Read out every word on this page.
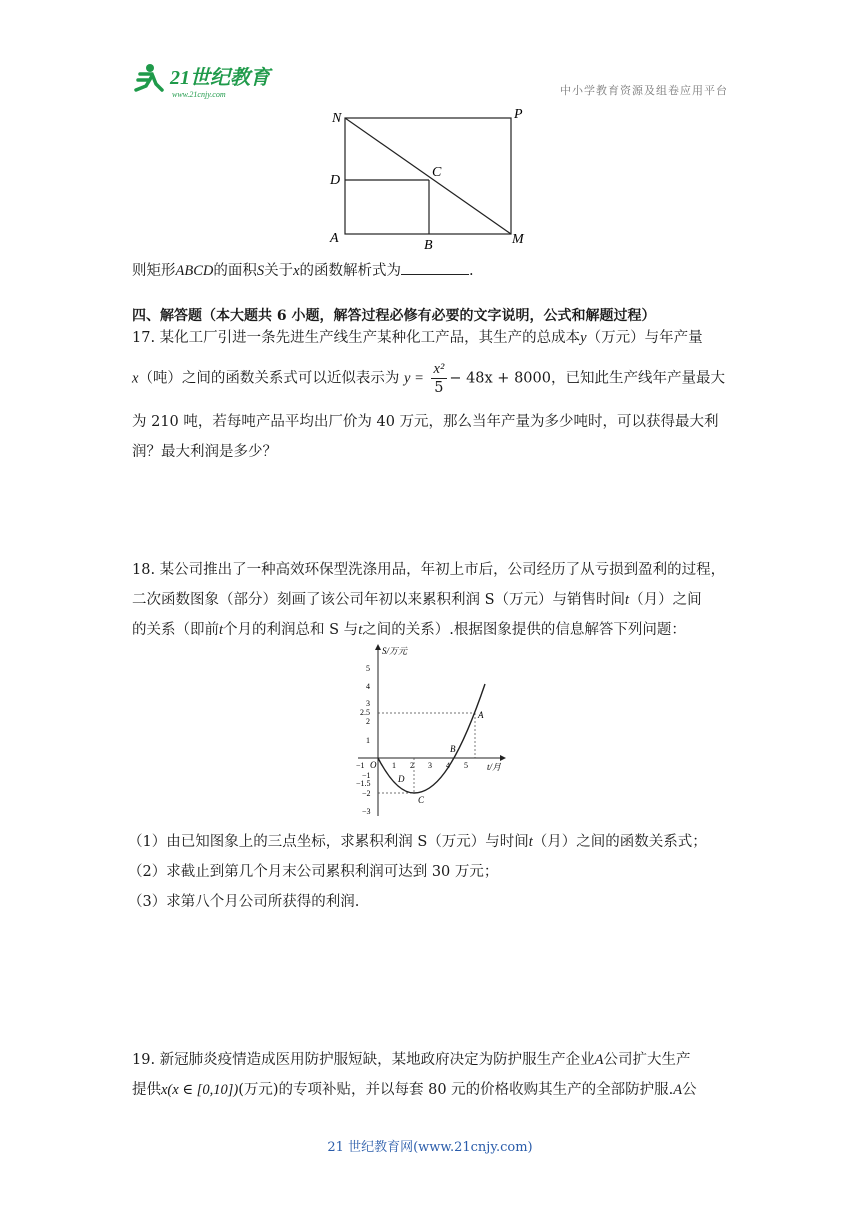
21世纪教育
www.21cnjy.com	中小学教育资源及组卷应用平台
N	P
C
D
A	B	M
则矩形ABCD的面积S关于x的函数解析式为	.
四、解答题（本大题共 6 小题，解答过程必修有必要的文字说明，公式和解题过程）
17. 某化工厂引进一条先进生产线生产某种化工产品，其生产的总成本y（万元）与年产量
x（吨）之间的函数关系式可以近似表示为 $y = \frac{\text{x²}}{5} - 48x + 8000$，已知此生产线年产量最大
为 210 吨，若每吨产品平均出厂价为 40 万元，那么当年产量为多少吨时，可以获得最大利
润？最大利润是多少？
18. 某公司推出了一种高效环保型洗涤用品，年初上市后，公司经历了从亏损到盈利的过程，
二次函数图象（部分）刻画了该公司年初以来累积利润 S（万元）与销售时间t（月）之间
的关系（即前t个月的利润总和 S 与t之间的关系）.根据图象提供的信息解答下列问题：
S/万元
t/月
O
5
4
3
2.5
2
1
−1
−1.5
−2
−3
−1	1 2 3 4 5
A
B
C
D
（1）由已知图象上的三点坐标，求累积利润 S（万元）与时间t（月）之间的函数关系式；
（2）求截止到第几个月末公司累积利润可达到 30 万元；
（3）求第八个月公司所获得的利润.
19. 新冠肺炎疫情造成医用防护服短缺，某地政府决定为防护服生产企业A公司扩大生产
提供x(x ∈ [0,10])(万元)的专项补贴，并以每套 80 元的价格收购其生产的全部防护服.A公
21 世纪教育网(www.21cnjy.com)
